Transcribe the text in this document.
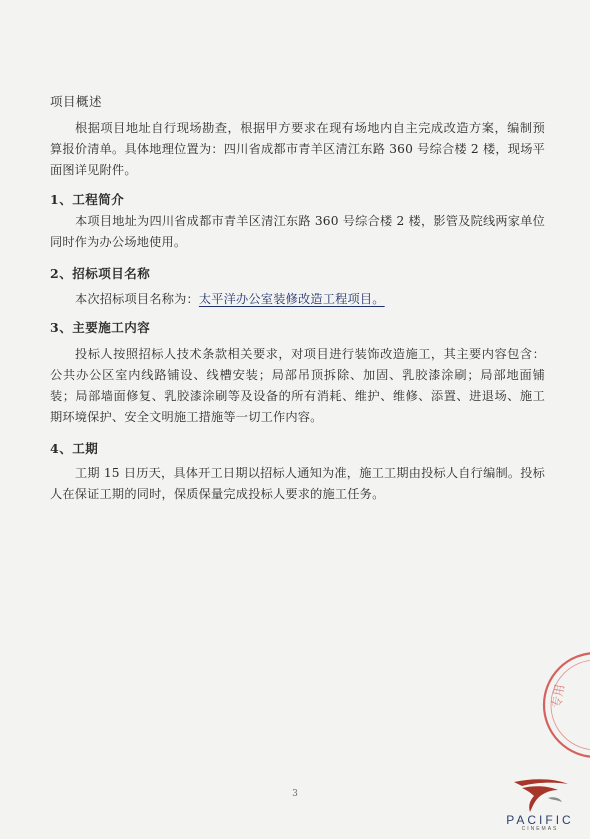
项目概述
根据项目地址自行现场勘查，根据甲方要求在现有场地内自主完成改造方案，编制预算报价清单。具体地理位置为：四川省成都市青羊区清江东路 360 号综合楼 2 楼，现场平面图详见附件。
1、工程简介
本项目地址为四川省成都市青羊区清江东路 360 号综合楼 2 楼，影管及院线两家单位同时作为办公场地使用。
2、招标项目名称
本次招标项目名称为：太平洋办公室装修改造工程项目。
3、主要施工内容
投标人按照招标人技术条款相关要求，对项目进行装饰改造施工，其主要内容包含：公共办公区室内线路铺设、线槽安装；局部吊顶拆除、加固、乳胶漆涂刷；局部地面铺装；局部墙面修复、乳胶漆涂刷等及设备的所有消耗、维护、维修、添置、进退场、施工期环境保护、安全文明施工措施等一切工作内容。
4、工期
工期 15 日历天，具体开工日期以招标人通知为准，施工工期由投标人自行编制。投标人在保证工期的同时，保质保量完成投标人要求的施工任务。
专用
3
PACIFIC
CINEMAS
